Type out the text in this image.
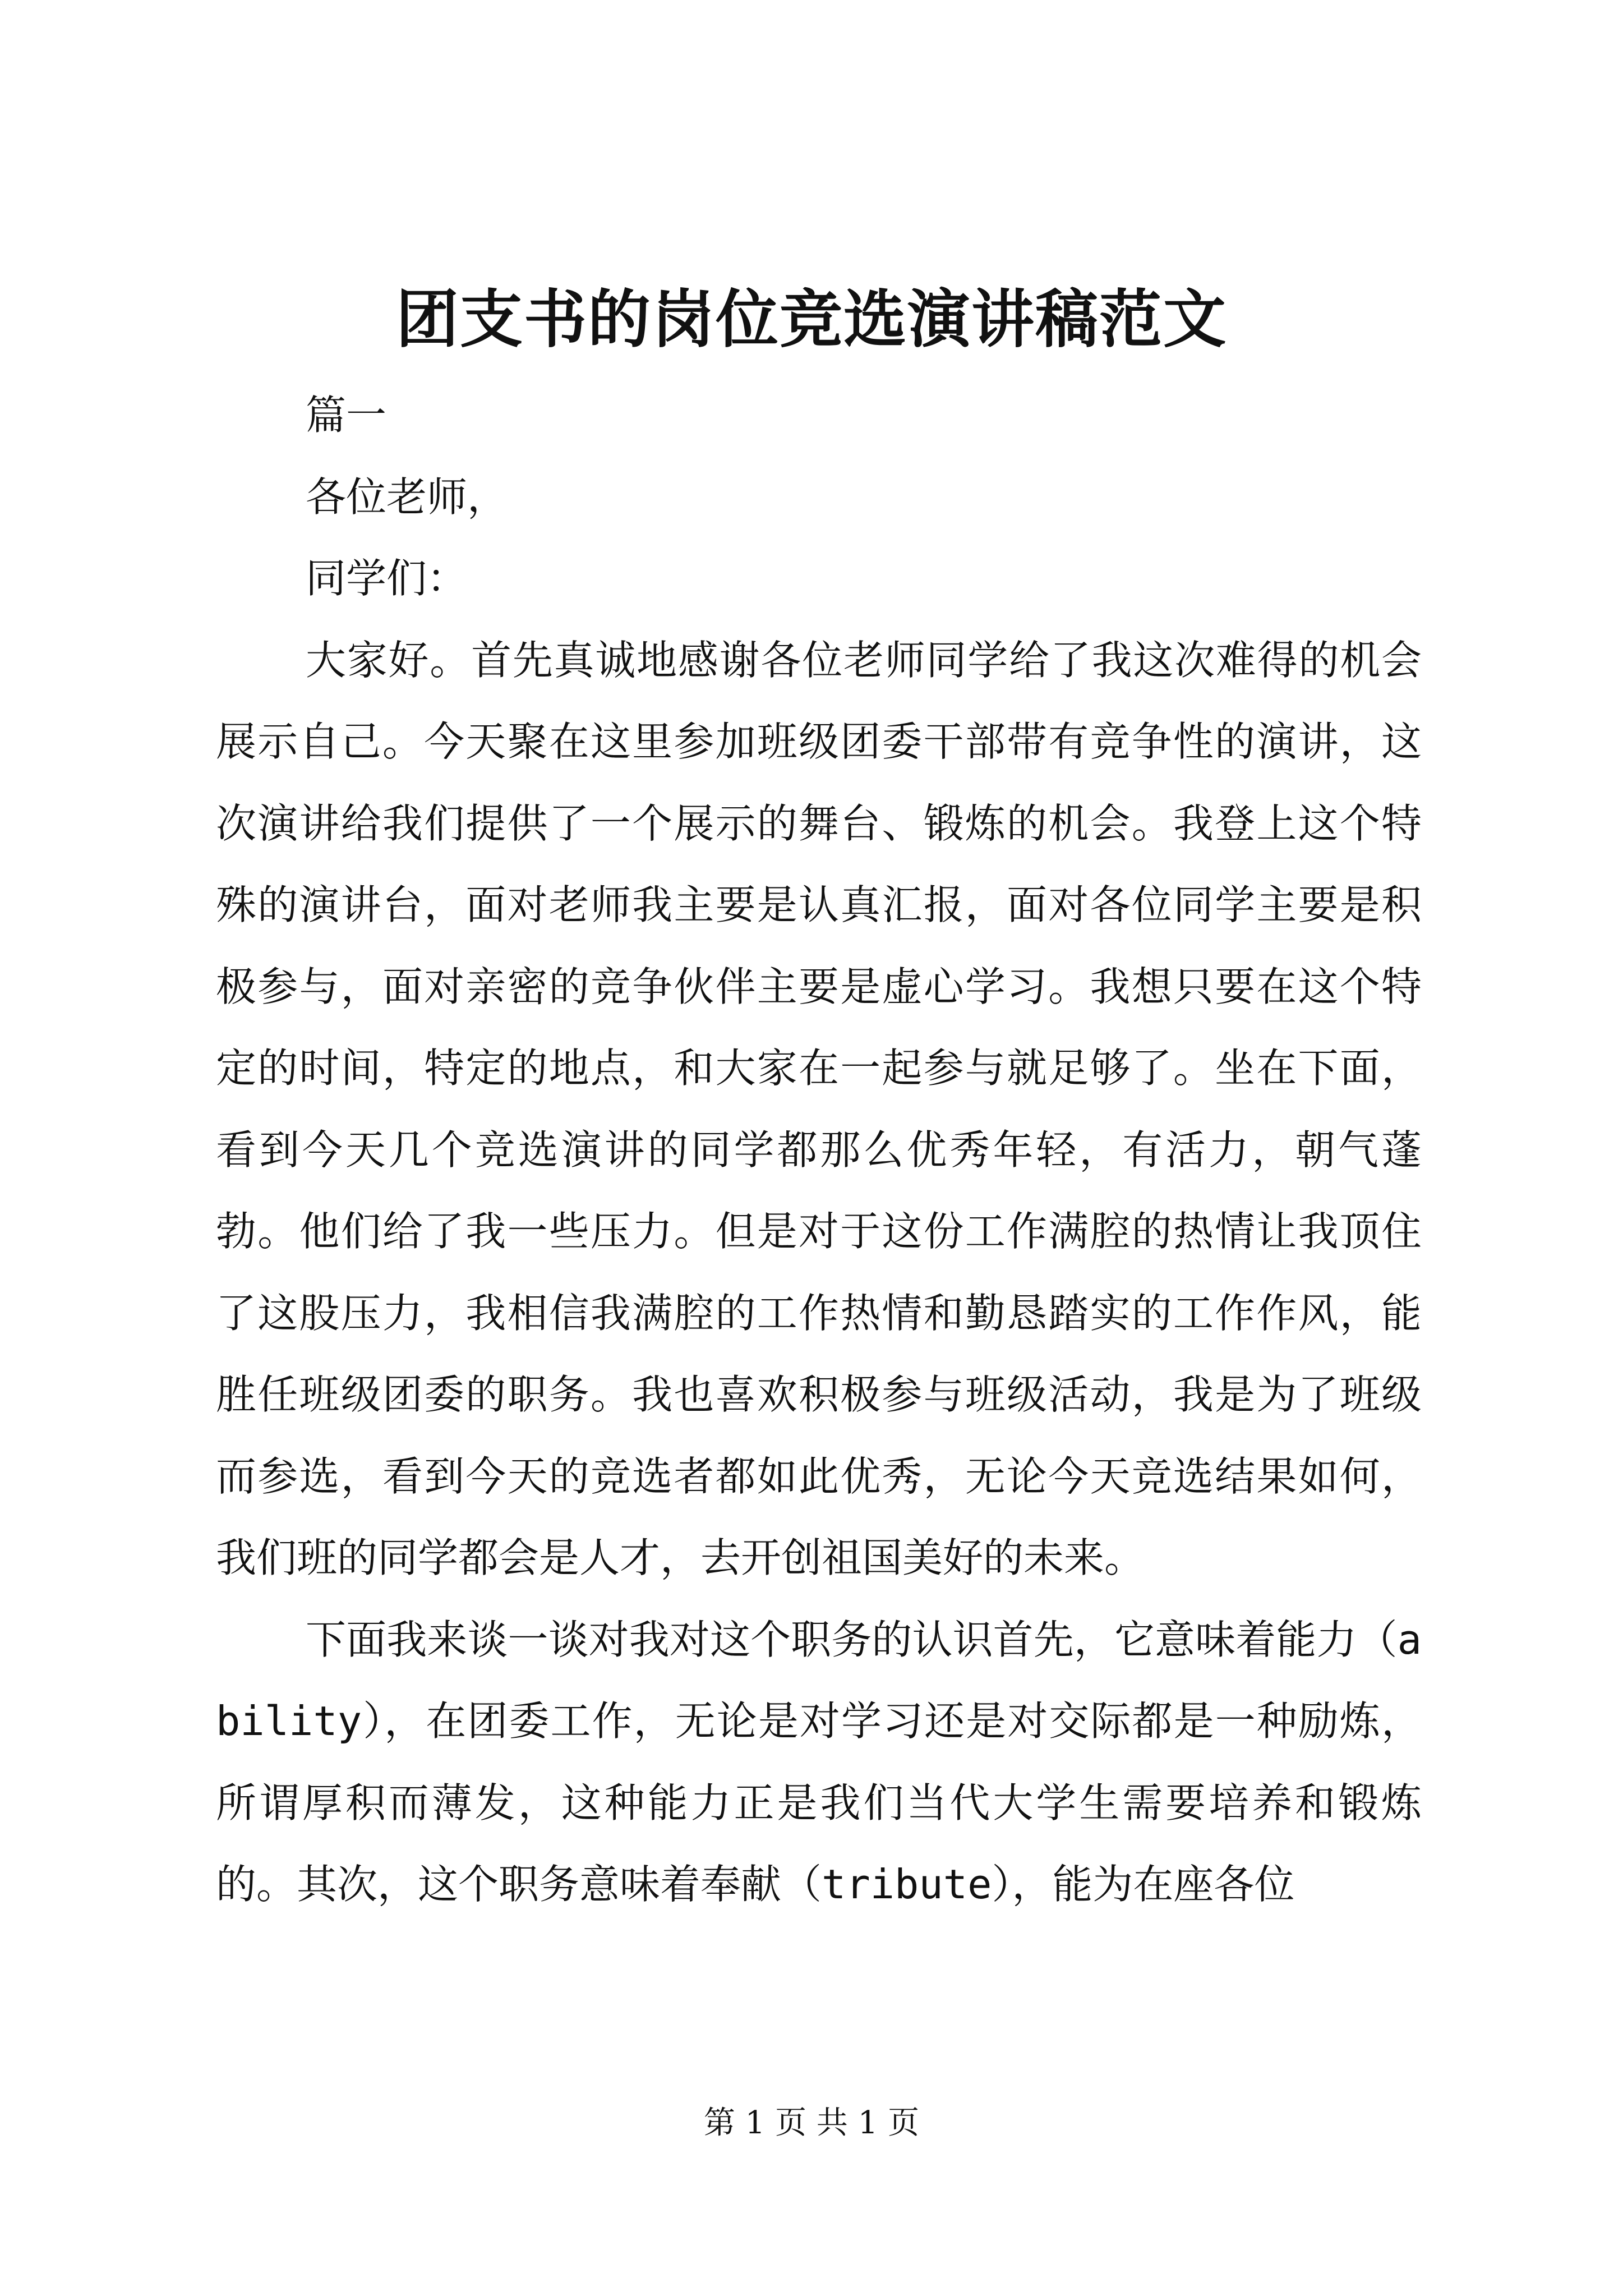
团支书的岗位竞选演讲稿范文

篇一

各位老师，

同学们：

大家好。首先真诚地感谢各位老师同学给了我这次难得的机会展示自己。今天聚在这里参加班级团委干部带有竞争性的演讲，这次演讲给我们提供了一个展示的舞台、锻炼的机会。我登上这个特殊的演讲台，面对老师我主要是认真汇报，面对各位同学主要是积极参与，面对亲密的竞争伙伴主要是虚心学习。我想只要在这个特定的时间，特定的地点，和大家在一起参与就足够了。坐在下面，看到今天几个竞选演讲的同学都那么优秀年轻，有活力，朝气蓬勃。他们给了我一些压力。但是对于这份工作满腔的热情让我顶住了这股压力，我相信我满腔的工作热情和勤恳踏实的工作作风，能胜任班级团委的职务。我也喜欢积极参与班级活动，我是为了班级而参选，看到今天的竞选者都如此优秀，无论今天竞选结果如何，我们班的同学都会是人才，去开创祖国美好的未来。

下面我来谈一谈对我对这个职务的认识首先，它意味着能力（ability），在团委工作，无论是对学习还是对交际都是一种励炼，所谓厚积而薄发，这种能力正是我们当代大学生需要培养和锻炼的。其次，这个职务意味着奉献（tribute），能为在座各位

第 1 页 共 1 页
